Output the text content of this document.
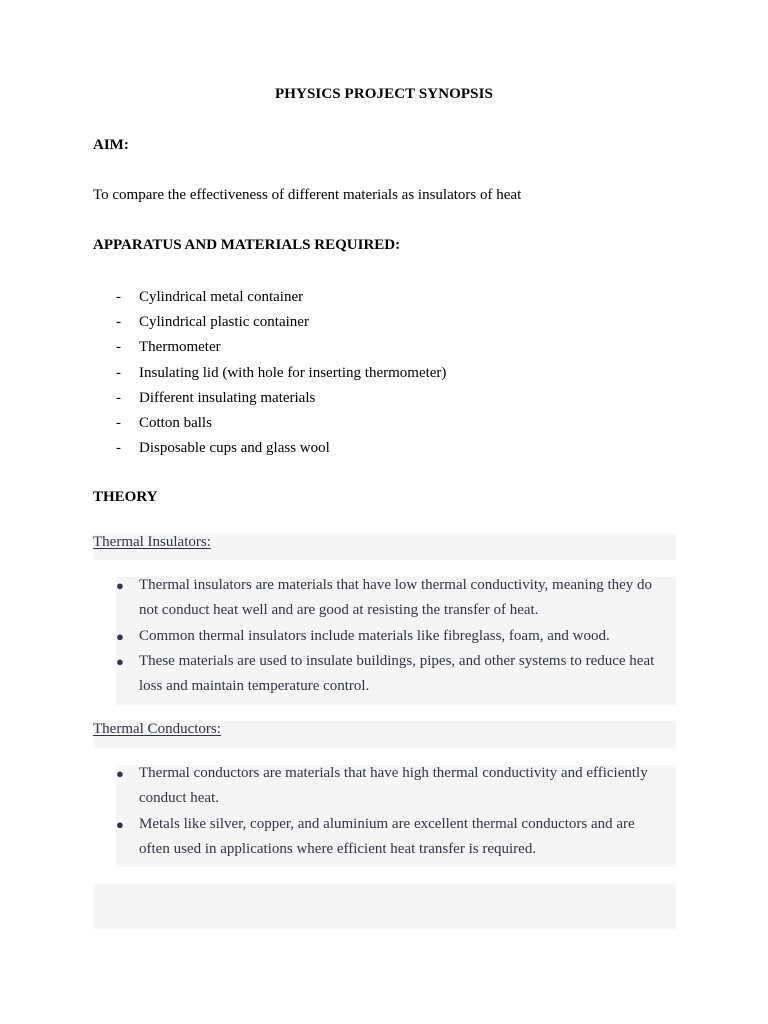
PHYSICS PROJECT SYNOPSIS
AIM:
To compare the effectiveness of different materials as insulators of heat
APPARATUS AND MATERIALS REQUIRED:
- Cylindrical metal container
- Cylindrical plastic container
- Thermometer
- Insulating lid (with hole for inserting thermometer)
- Different insulating materials
- Cotton balls
- Disposable cups and glass wool
THEORY
Thermal Insulators:
● Thermal insulators are materials that have low thermal conductivity, meaning they do not conduct heat well and are good at resisting the transfer of heat.
● Common thermal insulators include materials like fibreglass, foam, and wood.
● These materials are used to insulate buildings, pipes, and other systems to reduce heat loss and maintain temperature control.
Thermal Conductors:
● Thermal conductors are materials that have high thermal conductivity and efficiently conduct heat.
● Metals like silver, copper, and aluminium are excellent thermal conductors and are often used in applications where efficient heat transfer is required.
